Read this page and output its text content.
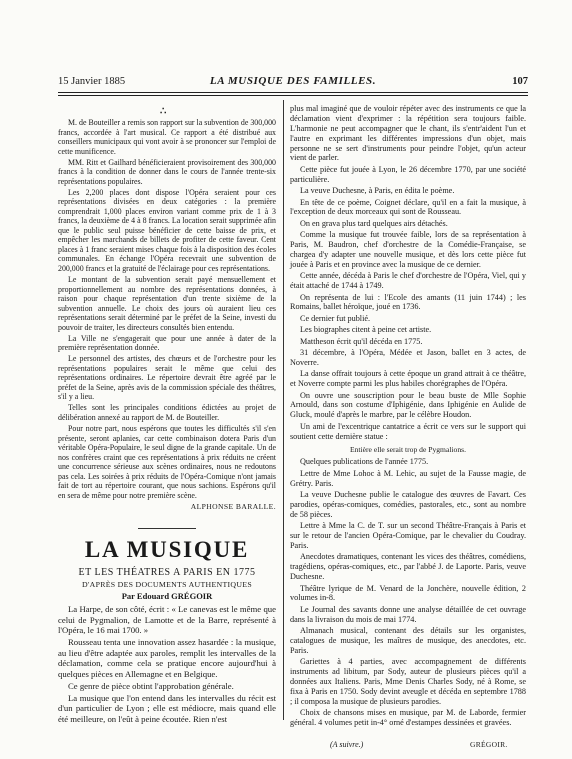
15 Janvier 1885	LA MUSIQUE DES FAMILLES.	107
∴

M. de Bouteiller a remis son rapport sur la subvention de 300,000 francs, accordée à l'art musical. Ce rapport a été distribué aux conseillers municipaux qui vont avoir à se prononcer sur l'emploi de cette munificence.

MM. Ritt et Gailhard bénéficieraient provisoirement des 300,000 francs à la condition de donner dans le cours de l'année trente-six représentations populaires.

Les 2,200 places dont dispose l'Opéra seraient pour ces représentations divisées en deux catégories : la première comprendrait 1,000 places environ variant comme prix de 1 à 3 francs, la deuxième de 4 à 8 francs. La location serait supprimée afin que le public seul puisse bénéficier de cette baisse de prix, et empêcher les marchands de billets de profiter de cette faveur. Cent places à 1 franc seraient mises chaque fois à la disposition des écoles communales. En échange l'Opéra recevrait une subvention de 200,000 francs et la gratuité de l'éclairage pour ces représentations.

Le montant de la subvention serait payé mensuellement et proportionnellement au nombre des représentations données, à raison pour chaque représentation d'un trente sixième de la subvention annuelle. Le choix des jours où auraient lieu ces représentations serait déterminé par le préfet de la Seine, investi du pouvoir de traiter, les directeurs consultés bien entendu.

La Ville ne s'engagerait que pour une année à dater de la première représentation donnée.

Le personnel des artistes, des chœurs et de l'orchestre pour les représentations populaires serait le même que celui des représentations ordinaires. Le répertoire devrait être agréé par le préfet de la Seine, après avis de la commission spéciale des théâtres, s'il y a lieu.

Telles sont les principales conditions édictées au projet de délibération annexé au rapport de M. de Bouteiller.

Pour notre part, nous espérons que toutes les difficultés s'il s'en présente, seront aplanies, car cette combinaison dotera Paris d'un véritable Opéra-Populaire, le seul digne de la grande capitale. Un de nos confrères craint que ces représentations à prix réduits ne créent une concurrence sérieuse aux scènes ordinaires, nous ne redoutons pas cela. Les soirées à prix réduits de l'Opéra-Comique n'ont jamais fait de tort au répertoire courant, que nous sachions. Espérons qu'il en sera de même pour notre première scène.

ALPHONSE BARALLE.
LA MUSIQUE
ET LES THÉATRES A PARIS EN 1775
D'APRÈS DES DOCUMENTS AUTHENTIQUES
Par Edouard GRÉGOIR

La Harpe, de son côté, écrit : « Le canevas est le même que celui de Pygmalion, de Lamotte et de la Barre, représenté à l'Opéra, le 16 mai 1700. »

Rousseau tenta une innovation assez hasardée : la musique, au lieu d'être adaptée aux paroles, remplit les intervalles de la déclamation, comme cela se pratique encore aujourd'hui à quelques pièces en Allemagne et en Belgique.

Ce genre de pièce obtint l'approbation générale.

La musique que l'on entend dans les intervalles du récit est d'un particulier de Lyon ; elle est médiocre, mais quand elle été meilleure, on l'eût à peine écoutée. Rien n'est

plus mal imaginé que de vouloir répéter avec des instruments ce que la déclamation vient d'exprimer : la répétition sera toujours faible. L'harmonie ne peut accompagner que le chant, ils s'entr'aident l'un et l'autre en exprimant les différentes impressions d'un objet, mais personne ne se sert d'instruments pour peindre l'objet, qu'un acteur vient de parler.

Cette pièce fut jouée à Lyon, le 26 décembre 1770, par une société particulière.

La veuve Duchesne, à Paris, en édita le poème.

En tête de ce poème, Coignet déclare, qu'il en a fait la musique, à l'exception de deux morceaux qui sont de Rousseau.

On en grava plus tard quelques airs détachés.

Comme la musique fut trouvée faible, lors de sa représentation à Paris, M. Baudron, chef d'orchestre de la Comédie-Française, se chargea d'y adapter une nouvelle musique, et dès lors cette pièce fut jouée à Paris et en province avec la musique de ce dernier.

Cette année, décéda à Paris le chef d'orchestre de l'Opéra, Viel, qui y était attaché de 1744 à 1749.

On représenta de lui : l'Ecole des amants (11 juin 1744) ; les Romains, ballet héroïque, joué en 1736.

Ce dernier fut publié.

Les biographes citent à peine cet artiste.

Mattheson écrit qu'il décéda en 1775.

31 décembre, à l'Opéra, Médée et Jason, ballet en 3 actes, de Noverre.

La danse offrait toujours à cette époque un grand attrait à ce théâtre, et Noverre compte parmi les plus habiles chorégraphes de l'Opéra.

On ouvre une souscription pour le beau buste de Mlle Sophie Arnould, dans son costume d'Iphigénie, dans Iphigénie en Aulide de Gluck, moulé d'après le marbre, par le célèbre Houdon.

Un ami de l'excentrique cantatrice a écrit ce vers sur le support qui soutient cette dernière statue :

Entière elle serait trop de Pygmalions.

Quelques publications de l'année 1775.

Lettre de Mme Lohoc à M. Lehic, au sujet de la Fausse magie, de Grétry. Paris.

La veuve Duchesne publie le catalogue des œuvres de Favart. Ces parodies, opéras-comiques, comédies, pastorales, etc., sont au nombre de 58 pièces.

Lettre à Mme la C. de T. sur un second Théâtre-Français à Paris et sur le retour de l'ancien Opéra-Comique, par le chevalier du Coudray. Paris.

Anecdotes dramatiques, contenant les vices des théâtres, comédiens, tragédiens, opéras-comiques, etc., par l'abbé J. de Laporte. Paris, veuve Duchesne.

Théâtre lyrique de M. Venard de la Jonchère, nouvelle édition, 2 volumes in-8.

Le Journal des savants donne une analyse détaillée de cet ouvrage dans la livraison du mois de mai 1774.

Almanach musical, contenant des détails sur les organistes, catalogues de musique, les maîtres de musique, des anecdotes, etc. Paris.

Gariettes à 4 parties, avec accompagnement de différents instruments ad libitum, par Sody, auteur de plusieurs pièces qu'il a données aux Italiens. Paris, Mme Denis Charles Sody, né à Rome, se fixa à Paris en 1750. Sody devint aveugle et décéda en septembre 1788 ; il composa la musique de plusieurs parodies.

Choix de chansons mises en musique, par M. de Laborde, fermier général. 4 volumes petit in-4° orné d'estampes dessinées et gravées.

(A suivre.)	GRÉGOIR.
